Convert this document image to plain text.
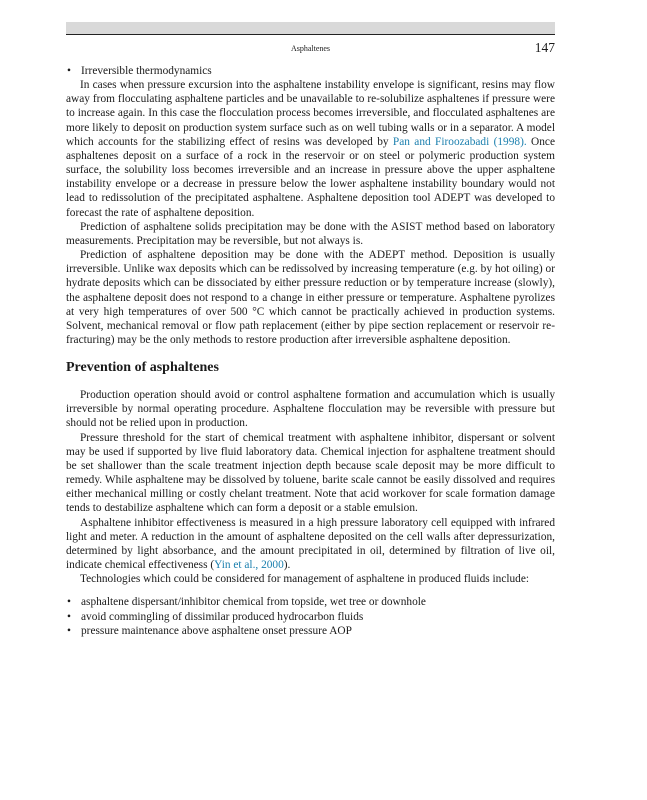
Asphaltenes	147
• Irreversible thermodynamics

In cases when pressure excursion into the asphaltene instability envelope is significant, resins may flow away from flocculating asphaltene particles and be unavailable to re-solubilize asphaltenes if pressure were to increase again. In this case the flocculation process becomes irreversible, and flocculated asphaltenes are more likely to deposit on production system surface such as on well tubing walls or in a separator. A model which accounts for the stabilizing effect of resins was developed by Pan and Firoozabadi (1998). Once asphaltenes deposit on a surface of a rock in the reservoir or on steel or polymeric production system surface, the solubility loss becomes irreversible and an increase in pressure above the upper asphaltene instability envelope or a decrease in pressure below the lower asphaltene instability boundary would not lead to redissolution of the precipitated asphaltene. Asphaltene deposition tool ADEPT was developed to forecast the rate of asphaltene deposition.

Prediction of asphaltene solids precipitation may be done with the ASIST method based on laboratory measurements. Precipitation may be reversible, but not always is.

Prediction of asphaltene deposition may be done with the ADEPT method. Deposition is usually irreversible. Unlike wax deposits which can be redissolved by increasing temperature (e.g. by hot oiling) or hydrate deposits which can be dissociated by either pressure reduction or by temperature increase (slowly), the asphaltene deposit does not respond to a change in either pressure or temperature. Asphaltene pyrolizes at very high temperatures of over 500 °C which cannot be practically achieved in production systems. Solvent, mechanical removal or flow path replacement (either by pipe section replacement or reservoir re-fracturing) may be the only methods to restore production after irreversible asphaltene deposition.

Prevention of asphaltenes

Production operation should avoid or control asphaltene formation and accumulation which is usually irreversible by normal operating procedure. Asphaltene flocculation may be reversible with pressure but should not be relied upon in production.

Pressure threshold for the start of chemical treatment with asphaltene inhibitor, dispersant or solvent may be used if supported by live fluid laboratory data. Chemical injection for asphaltene treatment should be set shallower than the scale treatment injection depth because scale deposit may be more difficult to remedy. While asphaltene may be dissolved by toluene, barite scale cannot be easily dissolved and requires either mechanical milling or costly chelant treatment. Note that acid workover for scale formation damage tends to destabilize asphaltene which can form a deposit or a stable emulsion.

Asphaltene inhibitor effectiveness is measured in a high pressure laboratory cell equipped with infrared light and meter. A reduction in the amount of asphaltene deposited on the cell walls after depressurization, determined by light absorbance, and the amount precipitated in oil, determined by filtration of live oil, indicate chemical effectiveness (Yin et al., 2000).

Technologies which could be considered for management of asphaltene in produced fluids include:

• asphaltene dispersant/inhibitor chemical from topside, wet tree or downhole
• avoid commingling of dissimilar produced hydrocarbon fluids
• pressure maintenance above asphaltene onset pressure AOP
